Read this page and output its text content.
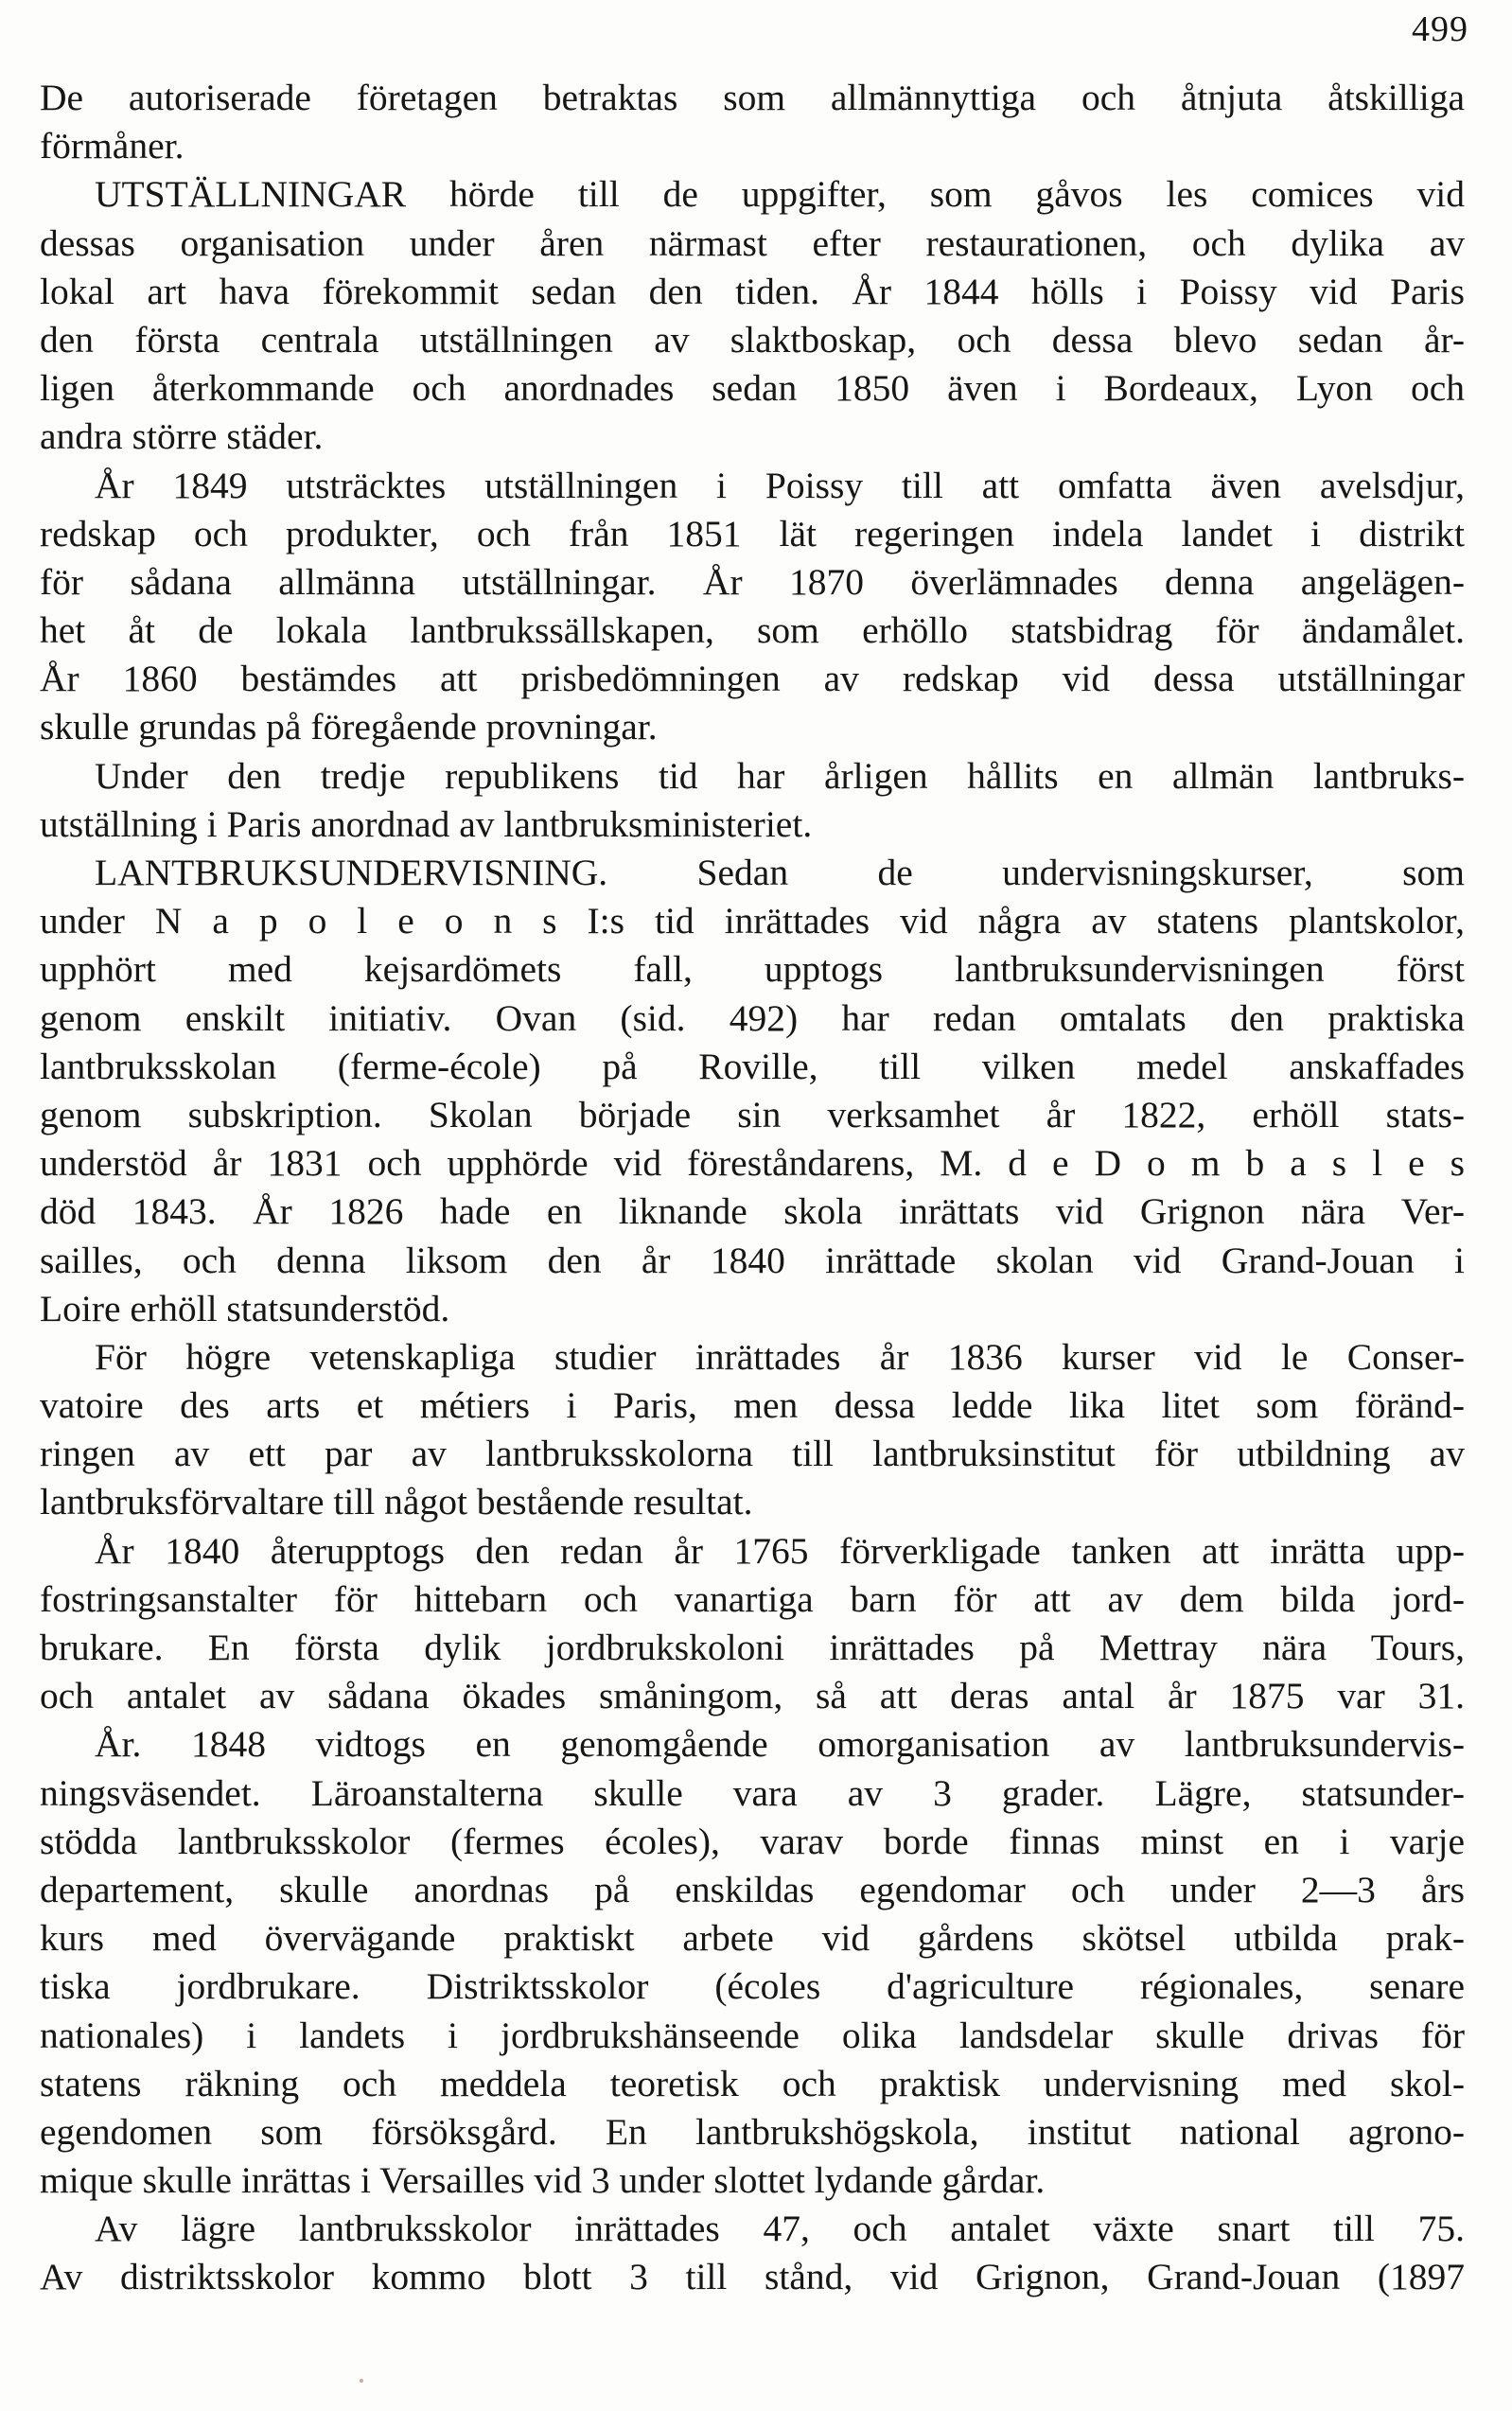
499
De autoriserade företagen betraktas som allmännyttiga och åtnjuta åtskilliga
förmåner.
UTSTÄLLNINGAR hörde till de uppgifter, som gåvos les comices vid
dessas organisation under åren närmast efter restaurationen, och dylika av
lokal art hava förekommit sedan den tiden. År 1844 hölls i Poissy vid Paris
den första centrala utställningen av slaktboskap, och dessa blevo sedan år-
ligen återkommande och anordnades sedan 1850 även i Bordeaux, Lyon och
andra större städer.
År 1849 utsträcktes utställningen i Poissy till att omfatta även avelsdjur,
redskap och produkter, och från 1851 lät regeringen indela landet i distrikt
för sådana allmänna utställningar. År 1870 överlämnades denna angelägen-
het åt de lokala lantbrukssällskapen, som erhöllo statsbidrag för ändamålet.
År 1860 bestämdes att prisbedömningen av redskap vid dessa utställningar
skulle grundas på föregående provningar.
Under den tredje republikens tid har årligen hållits en allmän lantbruks-
utställning i Paris anordnad av lantbruksministeriet.
LANTBRUKSUNDERVISNING. Sedan de undervisningskurser, som
under N a p o l e o n s I:s tid inrättades vid några av statens plantskolor,
upphört med kejsardömets fall, upptogs lantbruksundervisningen först
genom enskilt initiativ. Ovan (sid. 492) har redan omtalats den praktiska
lantbruksskolan (ferme-école) på Roville, till vilken medel anskaffades
genom subskription. Skolan började sin verksamhet år 1822, erhöll stats-
understöd år 1831 och upphörde vid föreståndarens, M. d e D o m b a s l e s
död 1843. År 1826 hade en liknande skola inrättats vid Grignon nära Ver-
sailles, och denna liksom den år 1840 inrättade skolan vid Grand-Jouan i
Loire erhöll statsunderstöd.
För högre vetenskapliga studier inrättades år 1836 kurser vid le Conser-
vatoire des arts et métiers i Paris, men dessa ledde lika litet som föränd-
ringen av ett par av lantbruksskolorna till lantbruksinstitut för utbildning av
lantbruksförvaltare till något bestående resultat.
År 1840 återupptogs den redan år 1765 förverkligade tanken att inrätta upp-
fostringsanstalter för hittebarn och vanartiga barn för att av dem bilda jord-
brukare. En första dylik jordbrukskoloni inrättades på Mettray nära Tours,
och antalet av sådana ökades småningom, så att deras antal år 1875 var 31.
År. 1848 vidtogs en genomgående omorganisation av lantbruksundervis-
ningsväsendet. Läroanstalterna skulle vara av 3 grader. Lägre, statsunder-
stödda lantbruksskolor (fermes écoles), varav borde finnas minst en i varje
departement, skulle anordnas på enskildas egendomar och under 2—3 års
kurs med övervägande praktiskt arbete vid gårdens skötsel utbilda prak-
tiska jordbrukare. Distriktsskolor (écoles d'agriculture régionales, senare
nationales) i landets i jordbrukshänseende olika landsdelar skulle drivas för
statens räkning och meddela teoretisk och praktisk undervisning med skol-
egendomen som försöksgård. En lantbrukshögskola, institut national agrono-
mique skulle inrättas i Versailles vid 3 under slottet lydande gårdar.
Av lägre lantbruksskolor inrättades 47, och antalet växte snart till 75.
Av distriktsskolor kommo blott 3 till stånd, vid Grignon, Grand-Jouan (1897
